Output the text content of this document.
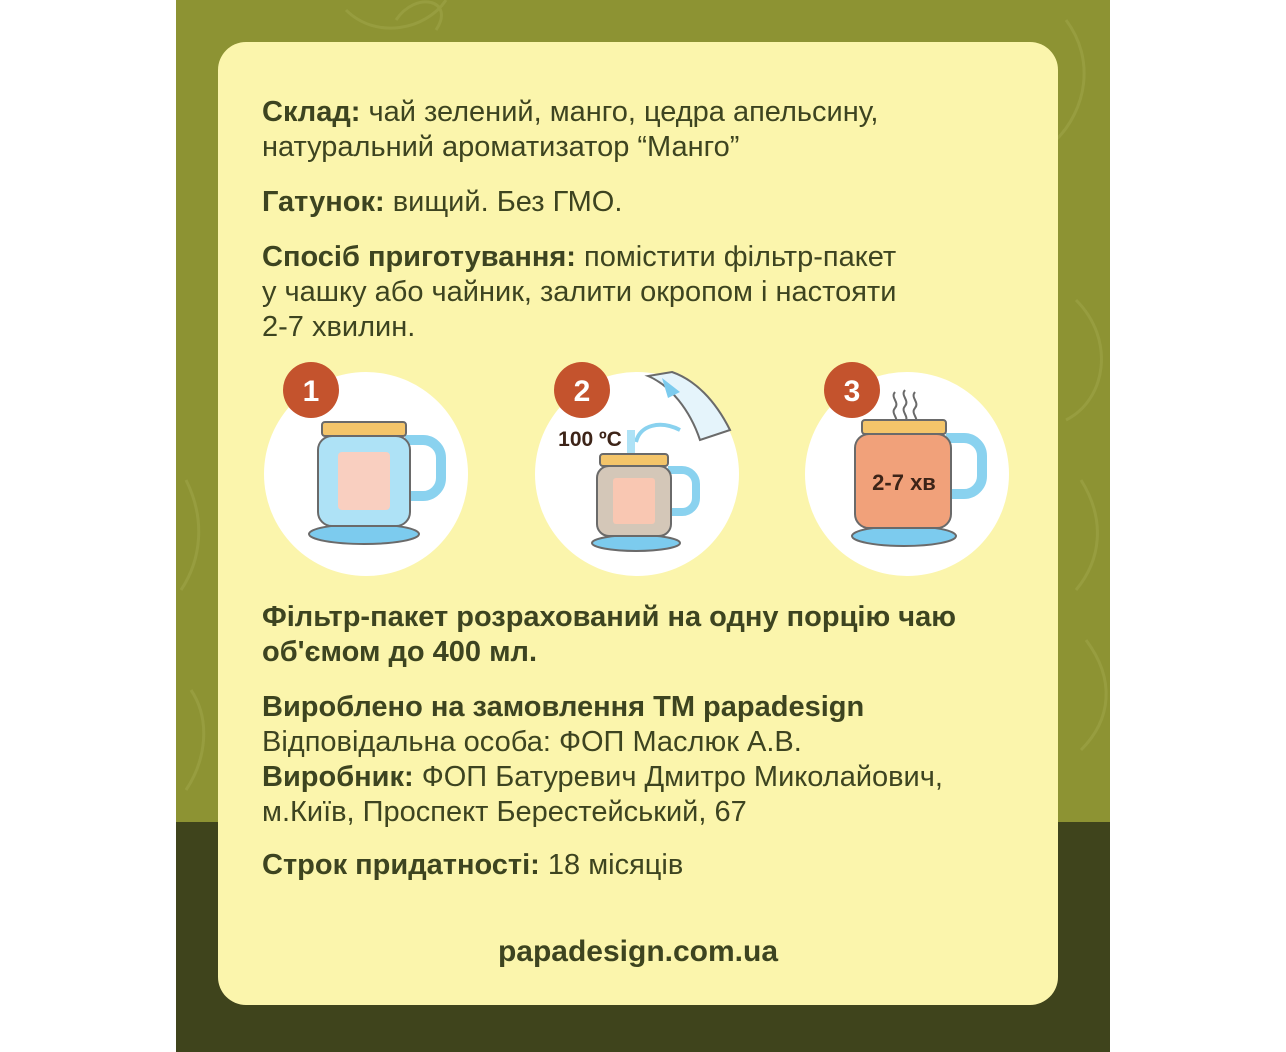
Склад: чай зелений, манго, цедра апельсину,

натуральний ароматизатор “Манго”

Гатунок: вищий. Без ГМО.

Спосіб приготування: помістити фільтр-пакет

у чашку або чайник, залити окропом і настояти

2-7 хвилин.

1	2
100 ºC
3
2-7 хв

Фільтр-пакет розрахований на одну порцію чаю

об'ємом до 400 мл.

Вироблено на замовлення ТМ papadesign

Відповідальна особа: ФОП Маслюк А.В.

Виробник: ФОП Батуревич Дмитро Миколайович,

м.Київ, Проспект Берестейський, 67

Строк придатності: 18 місяців

papadesign.com.ua
